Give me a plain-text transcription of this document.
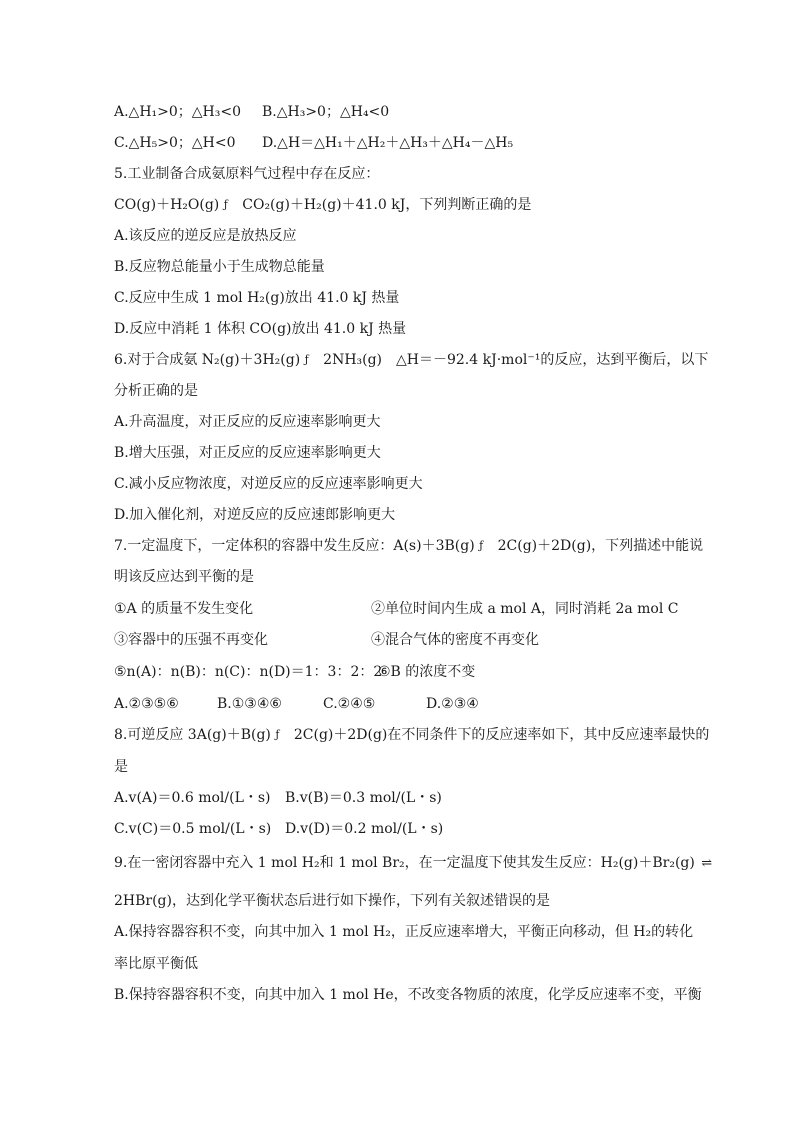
A.△H₁>0；△H₃<0 B.△H₃>0；△H₄<0
C.△H₅>0；△H<0 D.△H＝△H₁＋△H₂＋△H₃＋△H₄－△H₅
5.工业制备合成氨原料气过程中存在反应：
CO(g)＋H₂O(g) ƒ CO₂(g)＋H₂(g)＋41.0 kJ，下列判断正确的是
A.该反应的逆反应是放热反应
B.反应物总能量小于生成物总能量
C.反应中生成 1 mol H₂(g)放出 41.0 kJ 热量
D.反应中消耗 1 体积 CO(g)放出 41.0 kJ 热量
6.对于合成氨 N₂(g)＋3H₂(g) ƒ 2NH₃(g)　△H＝－92.4 kJ·mol⁻¹的反应，达到平衡后，以下
分析正确的是
A.升高温度，对正反应的反应速率影响更大
B.增大压强，对正反应的反应速率影响更大
C.减小反应物浓度，对逆反应的反应速率影响更大
D.加入催化剂，对逆反应的反应速郎影响更大
7.一定温度下，一定体积的容器中发生反应：A(s)＋3B(g) ƒ 2C(g)＋2D(g)，下列描述中能说
明该反应达到平衡的是
①A 的质量不发生变化	②单位时间内生成 a mol A，同时消耗 2a mol C
③容器中的压强不再变化	④混合气体的密度不再变化
⑤n(A)：n(B)：n(C)：n(D)＝1：3：2：2
⑥B 的浓度不变
A.②③⑤⑥	B.①③④⑥	C.②④⑤	D.②③④
8.可逆反应 3A(g)＋B(g) ƒ 2C(g)＋2D(g)在不同条件下的反应速率如下，其中反应速率最快的
是
A.v(A)＝0.6 mol/(L・s) B.v(B)＝0.3 mol/(L・s)
C.v(C)＝0.5 mol/(L・s) D.v(D)＝0.2 mol/(L・s)
9.在一密闭容器中充入 1 mol H₂和 1 mol Br₂，在一定温度下使其发生反应：H₂(g)＋Br₂(g) ⇌
2HBr(g)，达到化学平衡状态后进行如下操作，下列有关叙述错误的是
A.保持容器容积不变，向其中加入 1 mol H₂，正反应速率增大，平衡正向移动，但 H₂的转化
率比原平衡低
B.保持容器容积不变，向其中加入 1 mol He，不改变各物质的浓度，化学反应速率不变，平衡
